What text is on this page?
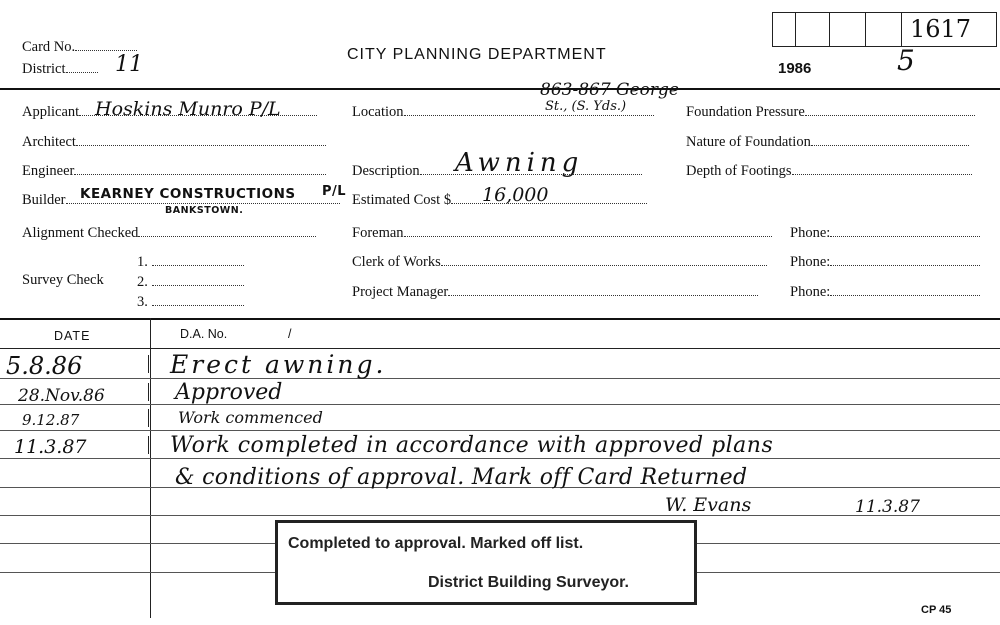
Card No.
District	11	CITY PLANNING DEPARTMENT
1986	5
1617
Applicant Hoskins Munro P/L
Architect
Engineer
Builder	KEARNEY CONSTRUCTIONS P/L
BANKSTOWN.
Alignment Checked
Survey Check
1.
2.
3.
Location
863-867 George
St., (S. Yds.)
Description	Awning
Estimated Cost $	16,000
Foreman
Clerk of Works
Project Manager
Foundation Pressure
Nature of Foundation
Depth of Footings
Phone:
Phone:
Phone:
DATE	D.A. No.	/
5.8.86	Erect awning.
28.Nov.86	Approved
9.12.87	Work commenced
11.3.87	Work completed in accordance with approved plans
& conditions of approval. Mark off Card Returned
W. Evans	11.3.87
Completed to approval. Marked off list.
District Building Surveyor.
CP 45
